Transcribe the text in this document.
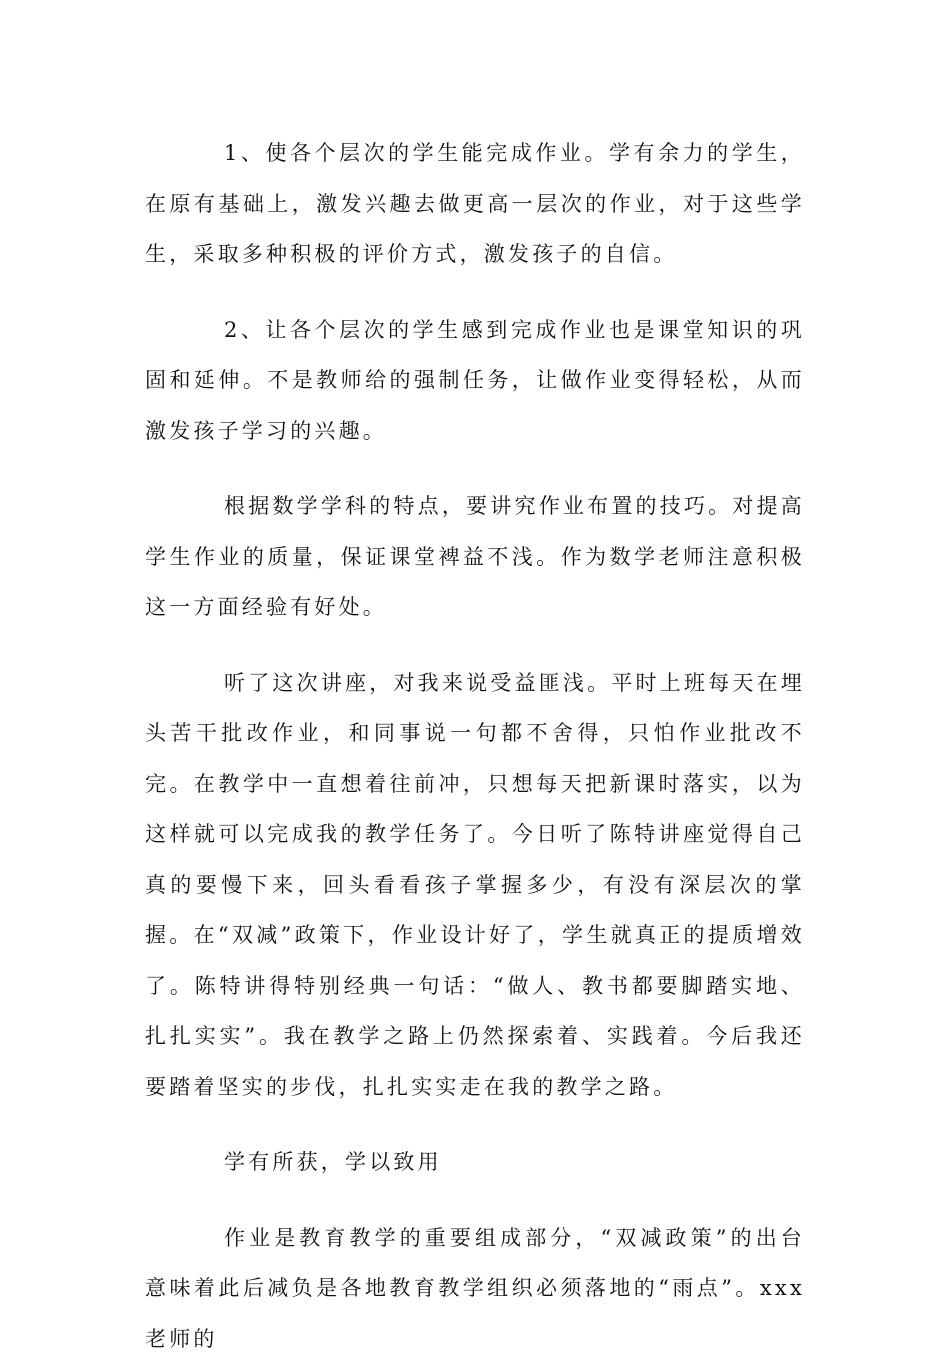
1、使各个层次的学生能完成作业。学有余力的学生，在原有基础上，激发兴趣去做更高一层次的作业，对于这些学生，采取多种积极的评价方式，激发孩子的自信。

2、让各个层次的学生感到完成作业也是课堂知识的巩固和延伸。不是教师给的强制任务，让做作业变得轻松，从而激发孩子学习的兴趣。

根据数学学科的特点，要讲究作业布置的技巧。对提高学生作业的质量，保证课堂裨益不浅。作为数学老师注意积极这一方面经验有好处。

听了这次讲座，对我来说受益匪浅。平时上班每天在埋头苦干批改作业，和同事说一句都不舍得，只怕作业批改不完。在教学中一直想着往前冲，只想每天把新课时落实，以为这样就可以完成我的教学任务了。今日听了陈特讲座觉得自己真的要慢下来，回头看看孩子掌握多少，有没有深层次的掌握。在“双减”政策下，作业设计好了，学生就真正的提质增效了。陈特讲得特别经典一句话：“做人、教书都要脚踏实地、扎扎实实”。我在教学之路上仍然探索着、实践着。今后我还要踏着坚实的步伐，扎扎实实走在我的教学之路。

学有所获，学以致用

作业是教育教学的重要组成部分，“双减政策”的出台意味着此后减负是各地教育教学组织必须落地的“雨点”。xxx老师的
